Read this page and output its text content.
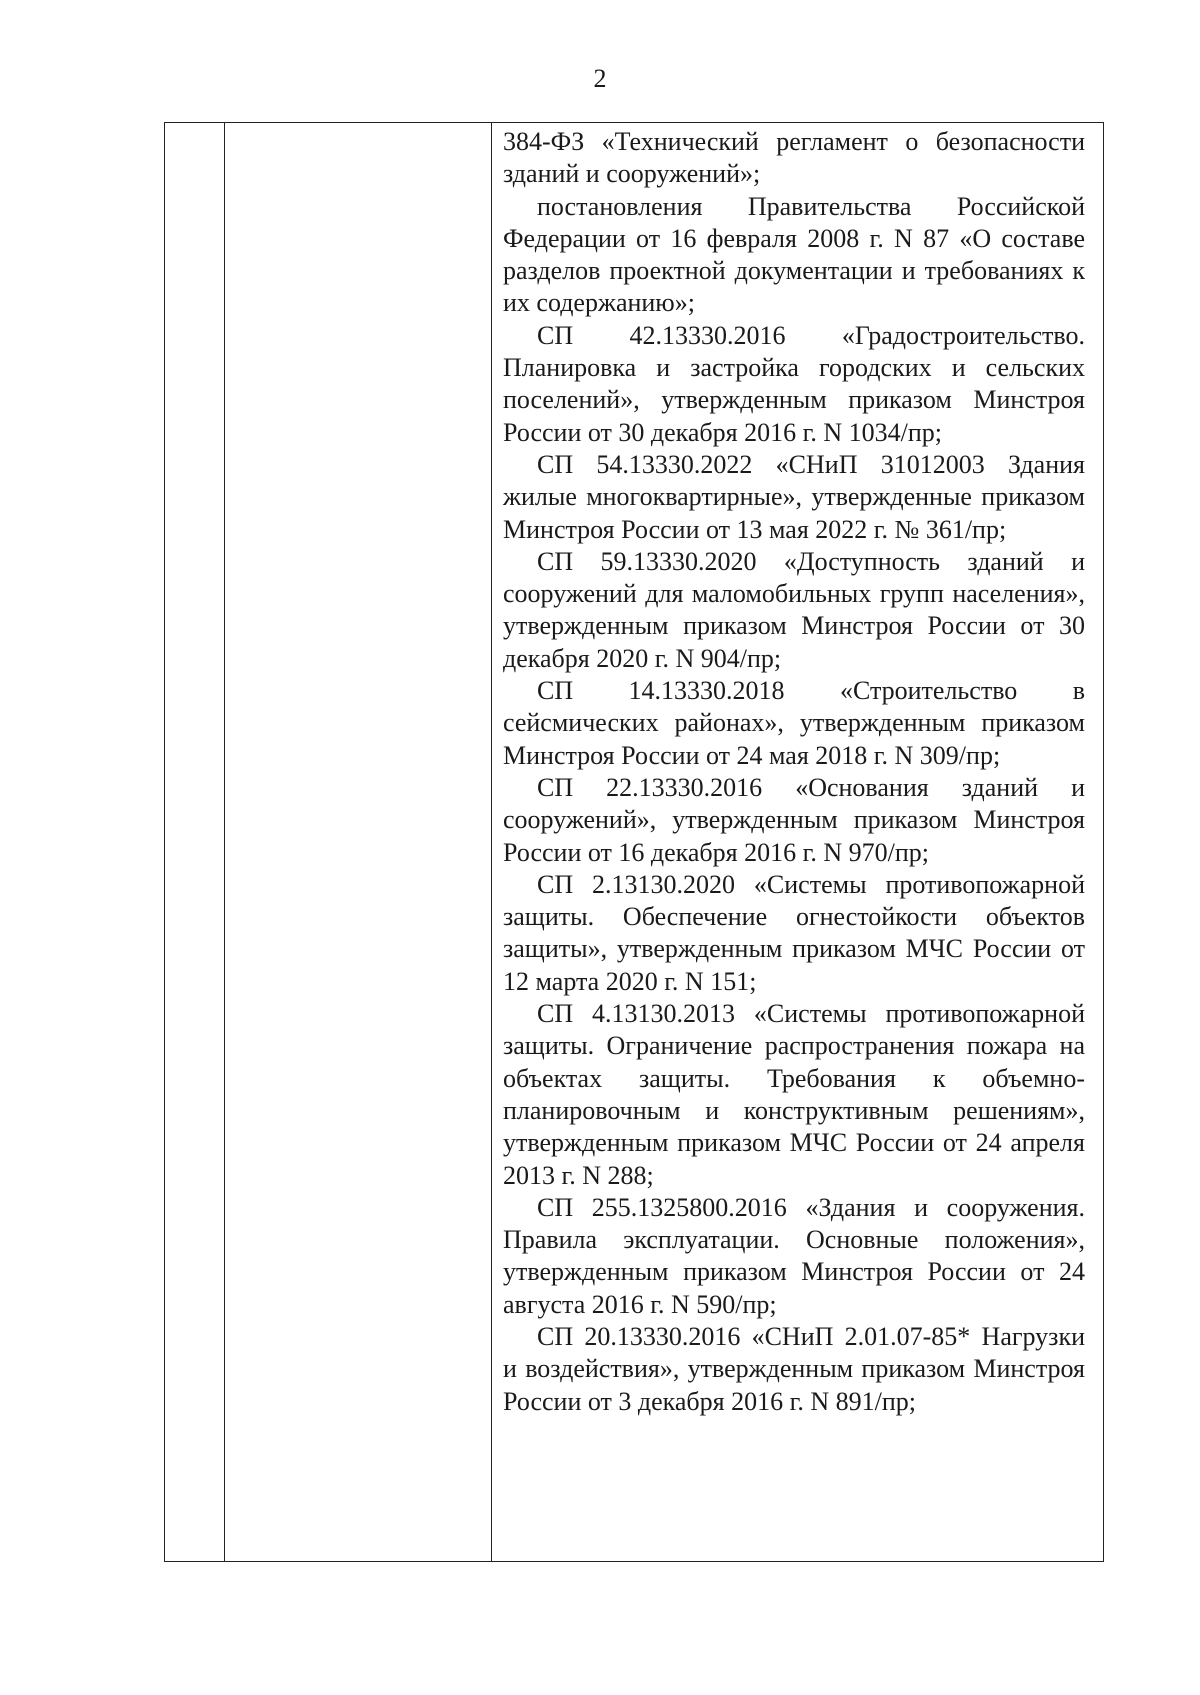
2

384-ФЗ «Технический регламент о безопасности зданий и сооружений»;

постановления Правительства Российской Федерации от 16 февраля 2008 г. N 87 «О составе разделов проектной документации и требованиях к их содержанию»;

СП 42.13330.2016 «Градостроительство. Планировка и застройка городских и сельских поселений», утвержденным приказом Минстроя России от 30 декабря 2016 г. N 1034/пр;

СП 54.13330.2022 «СНиП 31012003 Здания жилые многоквартирные», утвержденные приказом Минстроя России от 13 мая 2022 г. № 361/пр;

СП 59.13330.2020 «Доступность зданий и сооружений для маломобильных групп населения», утвержденным приказом Минстроя России от 30 декабря 2020 г. N 904/пр;

СП 14.13330.2018 «Строительство в сейсмических районах», утвержденным приказом Минстроя России от 24 мая 2018 г. N 309/пр;

СП 22.13330.2016 «Основания зданий и сооружений», утвержденным приказом Минстроя России от 16 декабря 2016 г. N 970/пр;

СП 2.13130.2020 «Системы противопожарной защиты. Обеспечение огнестойкости объектов защиты», утвержденным приказом МЧС России от 12 марта 2020 г. N 151;

СП 4.13130.2013 «Системы противопожарной защиты. Ограничение распространения пожара на объектах защиты. Требования к объемно-планировочным и конструктивным решениям», утвержденным приказом МЧС России от 24 апреля 2013 г. N 288;

СП 255.1325800.2016 «Здания и сооружения. Правила эксплуатации. Основные положения», утвержденным приказом Минстроя России от 24 августа 2016 г. N 590/пр;

СП 20.13330.2016 «СНиП 2.01.07-85* Нагрузки и воздействия», утвержденным приказом Минстроя России от 3 декабря 2016 г. N 891/пр;
